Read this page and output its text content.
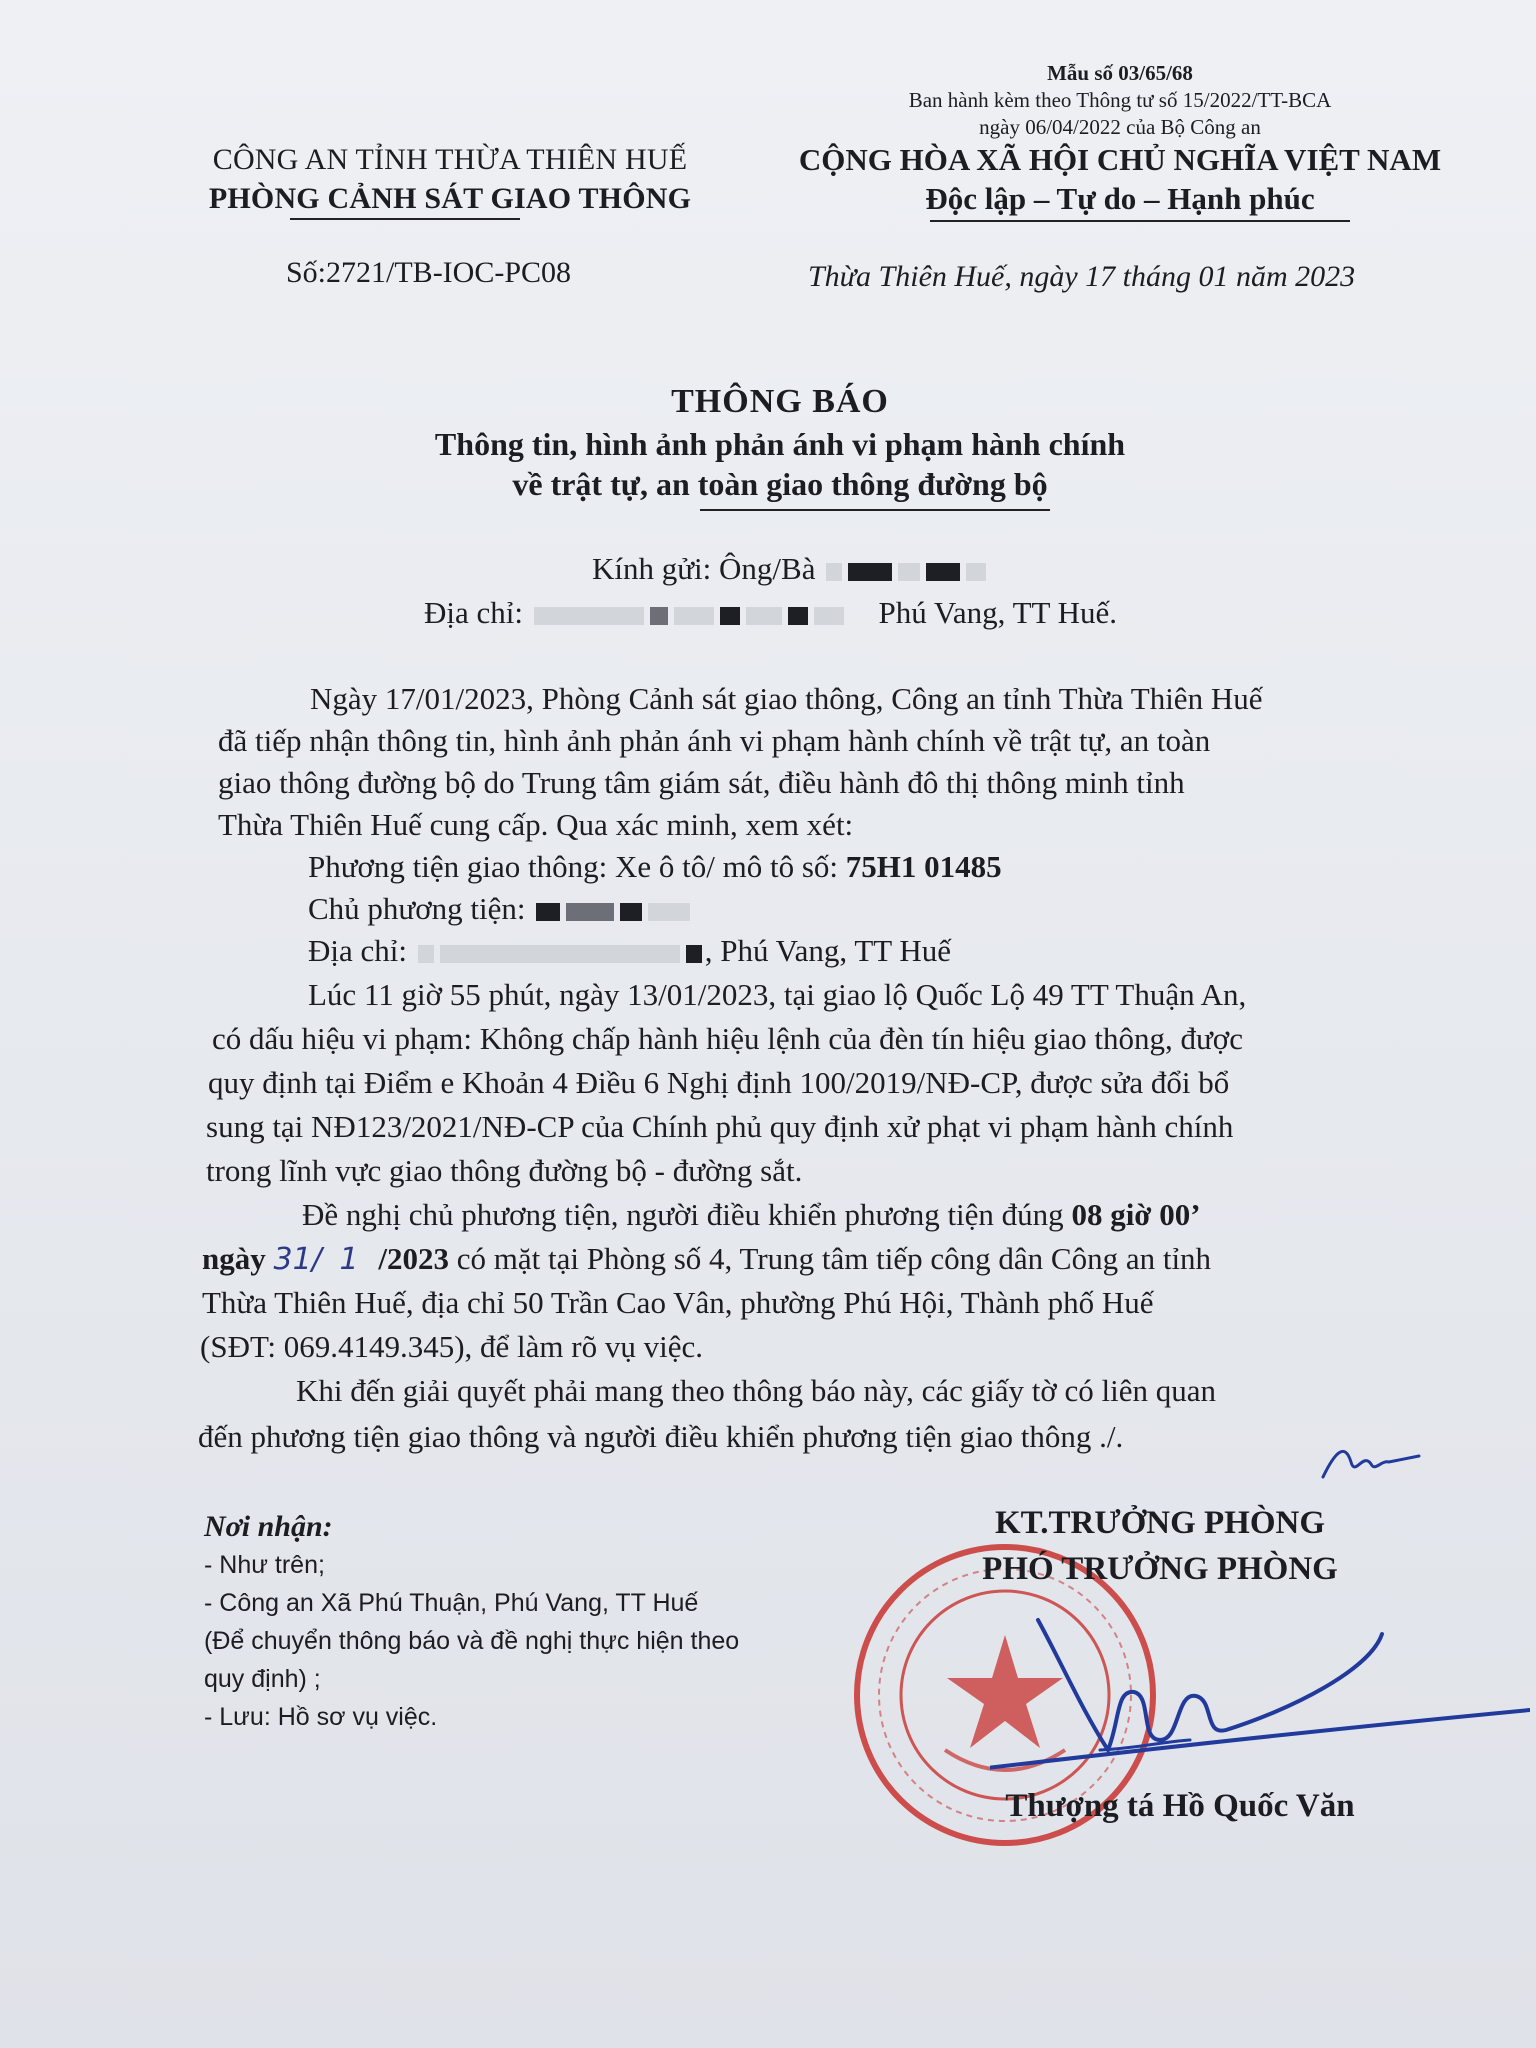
Mẫu số 03/65/68
Ban hành kèm theo Thông tư số 15/2022/TT-BCA
ngày 06/04/2022 của Bộ Công an
CÔNG AN TỈNH THỪA THIÊN HUẾ
PHÒNG CẢNH SÁT GIAO THÔNG
CỘNG HÒA XÃ HỘI CHỦ NGHĨA VIỆT NAM
Độc lập – Tự do – Hạnh phúc
Số:2721/TB-IOC-PC08	Thừa Thiên Huế, ngày 17 tháng 01 năm 2023
THÔNG BÁO
Thông tin, hình ảnh phản ánh vi phạm hành chính
về trật tự, an toàn giao thông đường bộ
Kính gửi: Ông/Bà
Địa chỉ:	Phú Vang, TT Huế.
Ngày 17/01/2023, Phòng Cảnh sát giao thông, Công an tỉnh Thừa Thiên Huế
đã tiếp nhận thông tin, hình ảnh phản ánh vi phạm hành chính về trật tự, an toàn
giao thông đường bộ do Trung tâm giám sát, điều hành đô thị thông minh tỉnh
Thừa Thiên Huế cung cấp. Qua xác minh, xem xét:
Phương tiện giao thông: Xe ô tô/ mô tô số: 75H1 01485
Chủ phương tiện:
Địa chỉ:	, Phú Vang, TT Huế
Lúc 11 giờ 55 phút, ngày 13/01/2023, tại giao lộ Quốc Lộ 49 TT Thuận An,
có dấu hiệu vi phạm: Không chấp hành hiệu lệnh của đèn tín hiệu giao thông, được
quy định tại Điểm e Khoản 4 Điều 6 Nghị định 100/2019/NĐ-CP, được sửa đổi bổ
sung tại NĐ123/2021/NĐ-CP của Chính phủ quy định xử phạt vi phạm hành chính
trong lĩnh vực giao thông đường bộ - đường sắt.
Đề nghị chủ phương tiện, người điều khiển phương tiện đúng 08 giờ 00’
ngày 31/ 1 /2023 có mặt tại Phòng số 4, Trung tâm tiếp công dân Công an tỉnh
Thừa Thiên Huế, địa chỉ 50 Trần Cao Vân, phường Phú Hội, Thành phố Huế
(SĐT: 069.4149.345), để làm rõ vụ việc.
Khi đến giải quyết phải mang theo thông báo này, các giấy tờ có liên quan
đến phương tiện giao thông và người điều khiển phương tiện giao thông ./.
Nơi nhận:
- Như trên;
- Công an Xã Phú Thuận, Phú Vang, TT Huế
(Để chuyển thông báo và đề nghị thực hiện theo
quy định) ;
- Lưu: Hồ sơ vụ việc.
KT.TRƯỞNG PHÒNG
PHÓ TRƯỞNG PHÒNG
Thượng tá Hồ Quốc Văn
